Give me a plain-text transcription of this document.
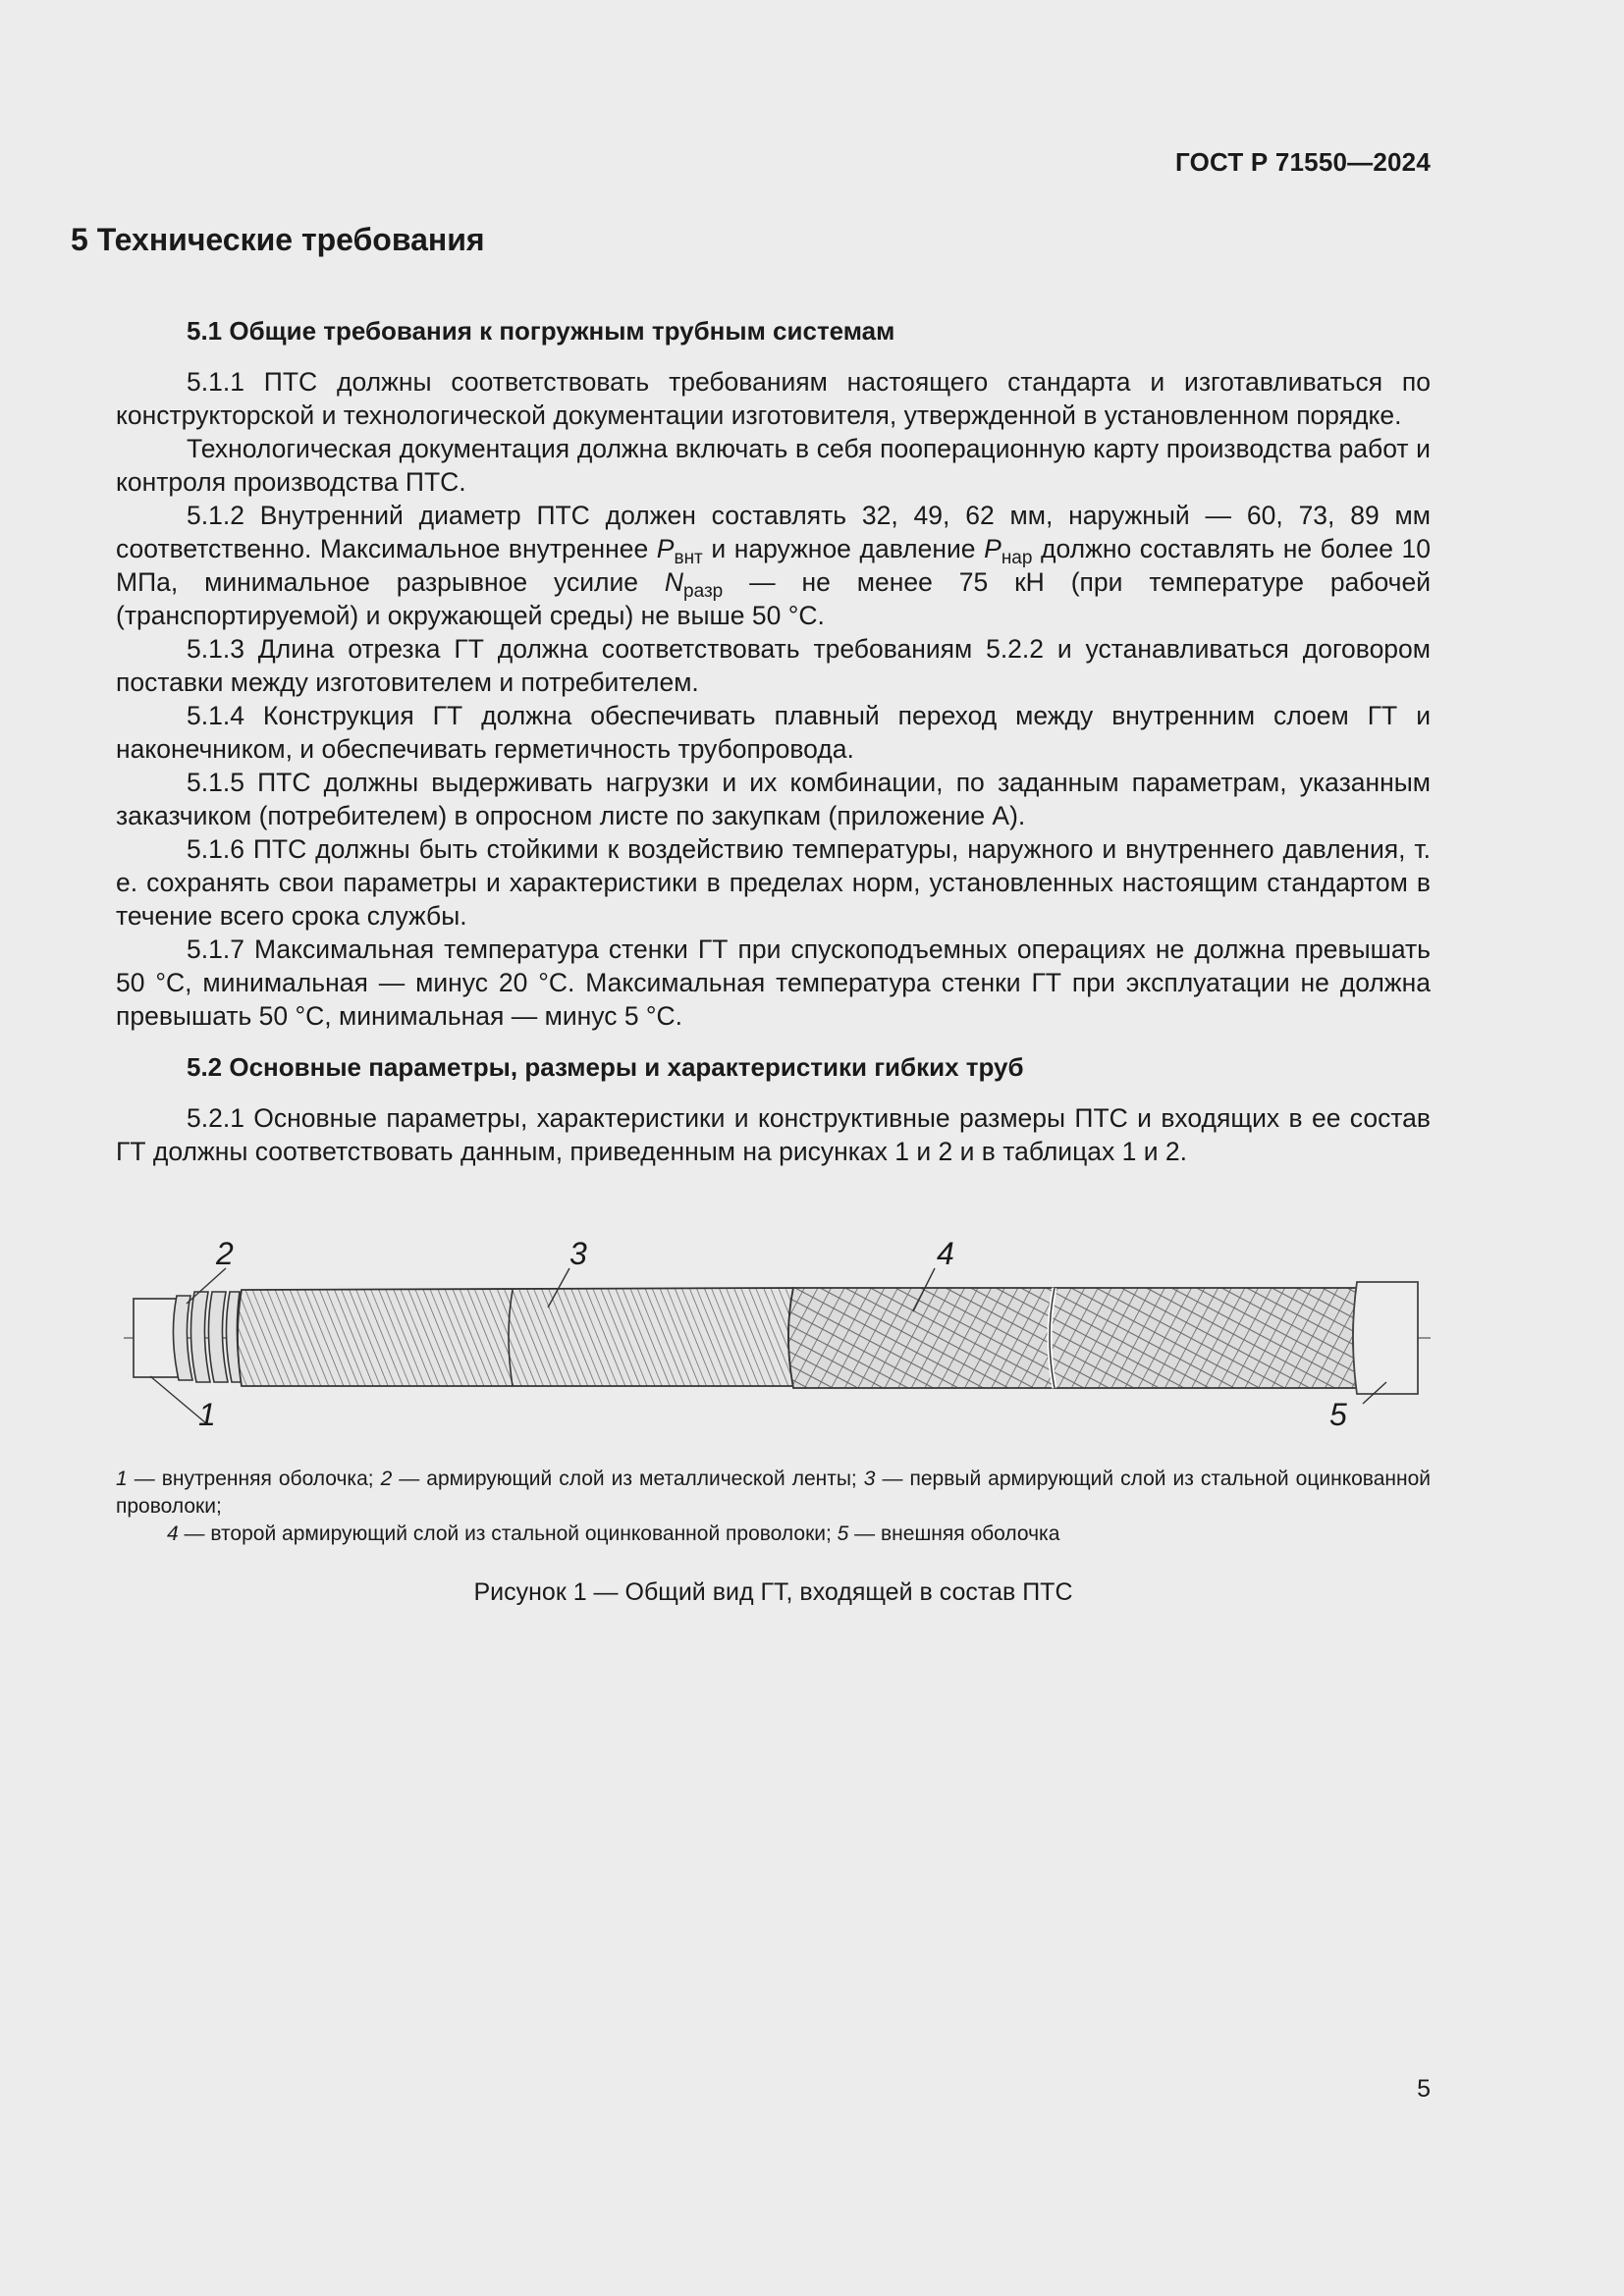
ГОСТ Р 71550—2024
5 Технические требования
5.1 Общие требования к погружным трубным системам

5.1.1 ПТС должны соответствовать требованиям настоящего стандарта и изготавливаться по конструкторской и технологической документации изготовителя, утвержденной в установленном порядке.

Технологическая документация должна включать в себя пооперационную карту производства работ и контроля производства ПТС.

5.1.2 Внутренний диаметр ПТС должен составлять 32, 49, 62 мм, наружный — 60, 73, 89 мм соответственно. Максимальное внутреннее $P_{внт}$ и наружное давление $P_{нар}$ должно составлять не более 10 МПа, минимальное разрывное усилие $N_{разр}$ — не менее 75 кН (при температуре рабочей (транспортируемой) и окружающей среды) не выше 50 °С.

5.1.3 Длина отрезка ГТ должна соответствовать требованиям 5.2.2 и устанавливаться договором поставки между изготовителем и потребителем.

5.1.4 Конструкция ГТ должна обеспечивать плавный переход между внутренним слоем ГТ и наконечником, и обеспечивать герметичность трубопровода.

5.1.5 ПТС должны выдерживать нагрузки и их комбинации, по заданным параметрам, указанным заказчиком (потребителем) в опросном листе по закупкам (приложение А).

5.1.6 ПТС должны быть стойкими к воздействию температуры, наружного и внутреннего давления, т. е. сохранять свои параметры и характеристики в пределах норм, установленных настоящим стандартом в течение всего срока службы.

5.1.7 Максимальная температура стенки ГТ при спускоподъемных операциях не должна превышать 50 °С, минимальная — минус 20 °С. Максимальная температура стенки ГТ при эксплуатации не должна превышать 50 °С, минимальная — минус 5 °С.

5.2 Основные параметры, размеры и характеристики гибких труб

5.2.1 Основные параметры, характеристики и конструктивные размеры ПТС и входящих в ее состав ГТ должны соответствовать данным, приведенным на рисунках 1 и 2 и в таблицах 1 и 2.

2	3	4
1	5
1 — внутренняя оболочка; 2 — армирующий слой из металлической ленты; 3 — первый армирующий слой из стальной оцинкованной проволоки;
4 — второй армирующий слой из стальной оцинкованной проволоки; 5 — внешняя оболочка
Рисунок 1 — Общий вид ГТ, входящей в состав ПТС
5
